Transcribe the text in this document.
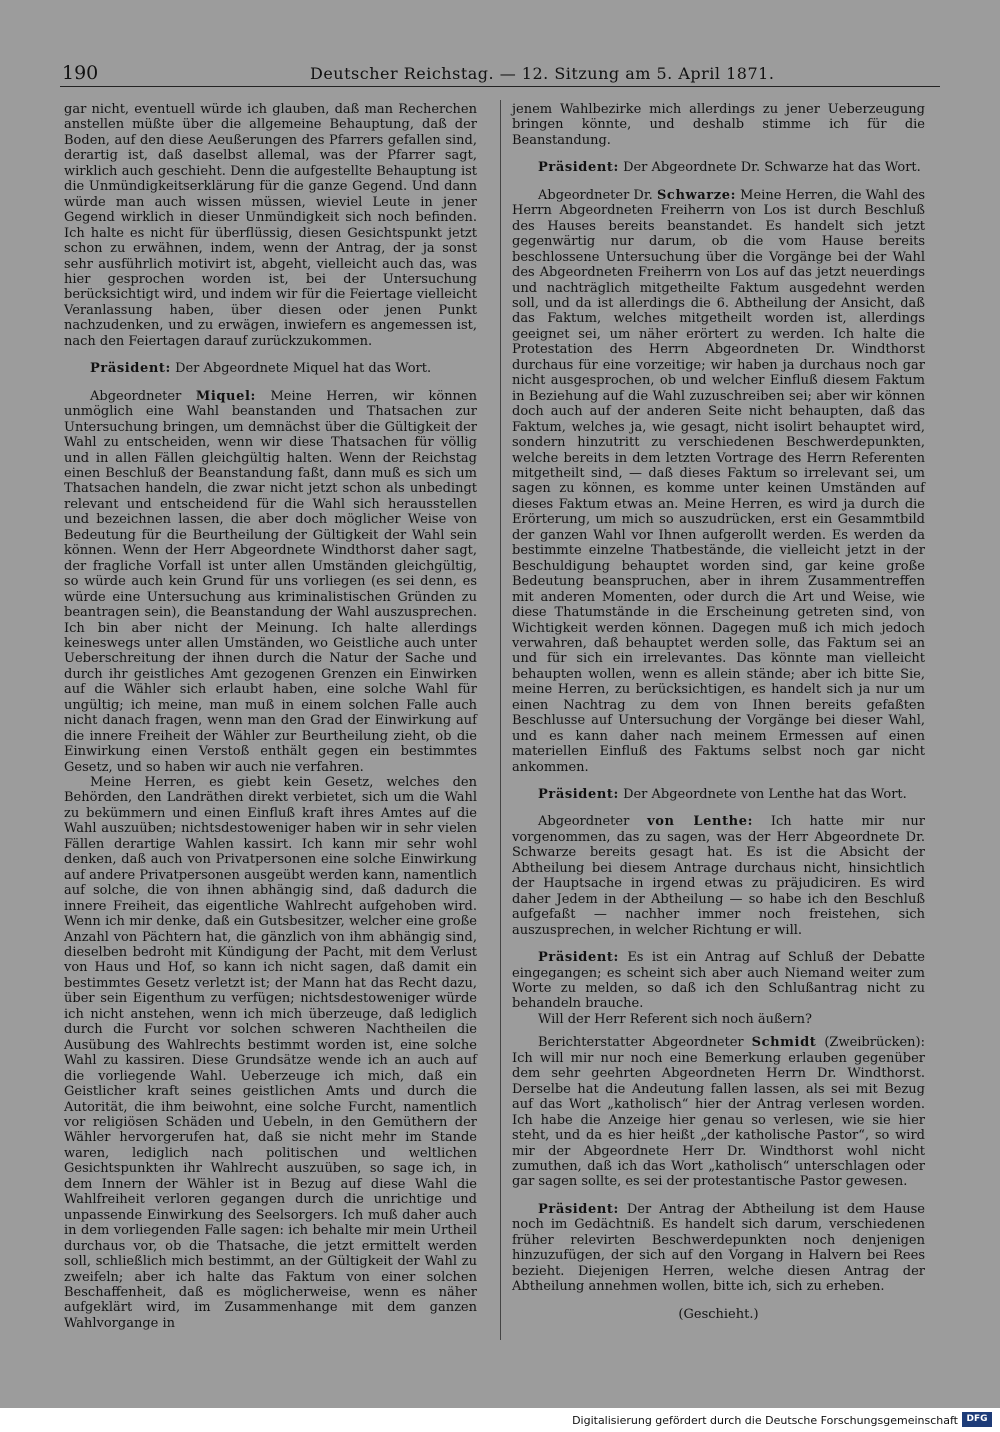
190	Deutscher Reichstag. — 12. Sitzung am 5. April 1871.

gar nicht, eventuell würde ich glauben, daß man Recherchen anstellen müßte über die allgemeine Behauptung, daß der Boden, auf den diese Aeußerungen des Pfarrers gefallen sind, derartig ist, daß daselbst allemal, was der Pfarrer sagt, wirklich auch geschieht. Denn die aufgestellte Behauptung ist die Unmündigkeitserklärung für die ganze Gegend. Und dann würde man auch wissen müssen, wieviel Leute in jener Gegend wirklich in dieser Unmündigkeit sich noch befinden. Ich halte es nicht für überflüssig, diesen Gesichtspunkt jetzt schon zu erwähnen, indem, wenn der Antrag, der ja sonst sehr ausführlich motivirt ist, abgeht, vielleicht auch das, was hier gesprochen worden ist, bei der Untersuchung berücksichtigt wird, und indem wir für die Feiertage vielleicht Veranlassung haben, über diesen oder jenen Punkt nachzudenken, und zu erwägen, inwiefern es angemessen ist, nach den Feiertagen darauf zurückzukommen.

Präsident: Der Abgeordnete Miquel hat das Wort.

Abgeordneter Miquel: Meine Herren, wir können unmöglich eine Wahl beanstanden und Thatsachen zur Untersuchung bringen, um demnächst über die Gültigkeit der Wahl zu entscheiden, wenn wir diese Thatsachen für völlig und in allen Fällen gleichgültig halten. Wenn der Reichstag einen Beschluß der Beanstandung faßt, dann muß es sich um Thatsachen handeln, die zwar nicht jetzt schon als unbedingt relevant und entscheidend für die Wahl sich herausstellen und bezeichnen lassen, die aber doch möglicher Weise von Bedeutung für die Beurtheilung der Gültigkeit der Wahl sein können. Wenn der Herr Abgeordnete Windthorst daher sagt, der fragliche Vorfall ist unter allen Umständen gleichgültig, so würde auch kein Grund für uns vorliegen (es sei denn, es würde eine Untersuchung aus kriminalistischen Gründen zu beantragen sein), die Beanstandung der Wahl auszusprechen. Ich bin aber nicht der Meinung. Ich halte allerdings keineswegs unter allen Umständen, wo Geistliche auch unter Ueberschreitung der ihnen durch die Natur der Sache und durch ihr geistliches Amt gezogenen Grenzen ein Einwirken auf die Wähler sich erlaubt haben, eine solche Wahl für ungültig; ich meine, man muß in einem solchen Falle auch nicht danach fragen, wenn man den Grad der Einwirkung auf die innere Freiheit der Wähler zur Beurtheilung zieht, ob die Einwirkung einen Verstoß enthält gegen ein bestimmtes Gesetz, und so haben wir auch nie verfahren.

Meine Herren, es giebt kein Gesetz, welches den Behörden, den Landräthen direkt verbietet, sich um die Wahl zu bekümmern und einen Einfluß kraft ihres Amtes auf die Wahl auszuüben; nichtsdestoweniger haben wir in sehr vielen Fällen derartige Wahlen kassirt. Ich kann mir sehr wohl denken, daß auch von Privatpersonen eine solche Einwirkung auf andere Privatpersonen ausgeübt werden kann, namentlich auf solche, die von ihnen abhängig sind, daß dadurch die innere Freiheit, das eigentliche Wahlrecht aufgehoben wird. Wenn ich mir denke, daß ein Gutsbesitzer, welcher eine große Anzahl von Pächtern hat, die gänzlich von ihm abhängig sind, dieselben bedroht mit Kündigung der Pacht, mit dem Verlust von Haus und Hof, so kann ich nicht sagen, daß damit ein bestimmtes Gesetz verletzt ist; der Mann hat das Recht dazu, über sein Eigenthum zu verfügen; nichtsdestoweniger würde ich nicht anstehen, wenn ich mich überzeuge, daß lediglich durch die Furcht vor solchen schweren Nachtheilen die Ausübung des Wahlrechts bestimmt worden ist, eine solche Wahl zu kassiren. Diese Grundsätze wende ich an auch auf die vorliegende Wahl. Ueberzeuge ich mich, daß ein Geistlicher kraft seines geistlichen Amts und durch die Autorität, die ihm beiwohnt, eine solche Furcht, namentlich vor religiösen Schäden und Uebeln, in den Gemüthern der Wähler hervorgerufen hat, daß sie nicht mehr im Stande waren, lediglich nach politischen und weltlichen Gesichtspunkten ihr Wahlrecht auszuüben, so sage ich, in dem Innern der Wähler ist in Bezug auf diese Wahl die Wahlfreiheit verloren gegangen durch die unrichtige und unpassende Einwirkung des Seelsorgers. Ich muß daher auch in dem vorliegenden Falle sagen: ich behalte mir mein Urtheil durchaus vor, ob die Thatsache, die jetzt ermittelt werden soll, schließlich mich bestimmt, an der Gültigkeit der Wahl zu zweifeln; aber ich halte das Faktum von einer solchen Beschaffenheit, daß es möglicherweise, wenn es näher aufgeklärt wird, im Zusammenhange mit dem ganzen Wahlvorgange in

jenem Wahlbezirke mich allerdings zu jener Ueberzeugung bringen könnte, und deshalb stimme ich für die Beanstandung.

Präsident: Der Abgeordnete Dr. Schwarze hat das Wort.

Abgeordneter Dr. Schwarze: Meine Herren, die Wahl des Herrn Abgeordneten Freiherrn von Los ist durch Beschluß des Hauses bereits beanstandet. Es handelt sich jetzt gegenwärtig nur darum, ob die vom Hause bereits beschlossene Untersuchung über die Vorgänge bei der Wahl des Abgeordneten Freiherrn von Los auf das jetzt neuerdings und nachträglich mitgetheilte Faktum ausgedehnt werden soll, und da ist allerdings die 6. Abtheilung der Ansicht, daß das Faktum, welches mitgetheilt worden ist, allerdings geeignet sei, um näher erörtert zu werden. Ich halte die Protestation des Herrn Abgeordneten Dr. Windthorst durchaus für eine vorzeitige; wir haben ja durchaus noch gar nicht ausgesprochen, ob und welcher Einfluß diesem Faktum in Beziehung auf die Wahl zuzuschreiben sei; aber wir können doch auch auf der anderen Seite nicht behaupten, daß das Faktum, welches ja, wie gesagt, nicht isolirt behauptet wird, sondern hinzutritt zu verschiedenen Beschwerdepunkten, welche bereits in dem letzten Vortrage des Herrn Referenten mitgetheilt sind, — daß dieses Faktum so irrelevant sei, um sagen zu können, es komme unter keinen Umständen auf dieses Faktum etwas an. Meine Herren, es wird ja durch die Erörterung, um mich so auszudrücken, erst ein Gesammtbild der ganzen Wahl vor Ihnen aufgerollt werden. Es werden da bestimmte einzelne Thatbestände, die vielleicht jetzt in der Beschuldigung behauptet worden sind, gar keine große Bedeutung beanspruchen, aber in ihrem Zusammentreffen mit anderen Momenten, oder durch die Art und Weise, wie diese Thatumstände in die Erscheinung getreten sind, von Wichtigkeit werden können. Dagegen muß ich mich jedoch verwahren, daß behauptet werden solle, das Faktum sei an und für sich ein irrelevantes. Das könnte man vielleicht behaupten wollen, wenn es allein stände; aber ich bitte Sie, meine Herren, zu berücksichtigen, es handelt sich ja nur um einen Nachtrag zu dem von Ihnen bereits gefaßten Beschlusse auf Untersuchung der Vorgänge bei dieser Wahl, und es kann daher nach meinem Ermessen auf einen materiellen Einfluß des Faktums selbst noch gar nicht ankommen.

Präsident: Der Abgeordnete von Lenthe hat das Wort.

Abgeordneter von Lenthe: Ich hatte mir nur vorgenommen, das zu sagen, was der Herr Abgeordnete Dr. Schwarze bereits gesagt hat. Es ist die Absicht der Abtheilung bei diesem Antrage durchaus nicht, hinsichtlich der Hauptsache in irgend etwas zu präjudiciren. Es wird daher Jedem in der Abtheilung — so habe ich den Beschluß aufgefaßt — nachher immer noch freistehen, sich auszusprechen, in welcher Richtung er will.

Präsident: Es ist ein Antrag auf Schluß der Debatte eingegangen; es scheint sich aber auch Niemand weiter zum Worte zu melden, so daß ich den Schlußantrag nicht zu behandeln brauche.

Will der Herr Referent sich noch äußern?

Berichterstatter Abgeordneter Schmidt (Zweibrücken): Ich will mir nur noch eine Bemerkung erlauben gegenüber dem sehr geehrten Abgeordneten Herrn Dr. Windthorst. Derselbe hat die Andeutung fallen lassen, als sei mit Bezug auf das Wort „katholisch“ hier der Antrag verlesen worden. Ich habe die Anzeige hier genau so verlesen, wie sie hier steht, und da es hier heißt „der katholische Pastor“, so wird mir der Abgeordnete Herr Dr. Windthorst wohl nicht zumuthen, daß ich das Wort „katholisch“ unterschlagen oder gar sagen sollte, es sei der protestantische Pastor gewesen.

Präsident: Der Antrag der Abtheilung ist dem Hause noch im Gedächtniß. Es handelt sich darum, verschiedenen früher relevirten Beschwerdepunkten noch denjenigen hinzuzufügen, der sich auf den Vorgang in Halvern bei Rees bezieht. Diejenigen Herren, welche diesen Antrag der Abtheilung annehmen wollen, bitte ich, sich zu erheben.

(Geschieht.)

Digitalisierung gefördert durch die Deutsche Forschungsgemeinschaft DFG
